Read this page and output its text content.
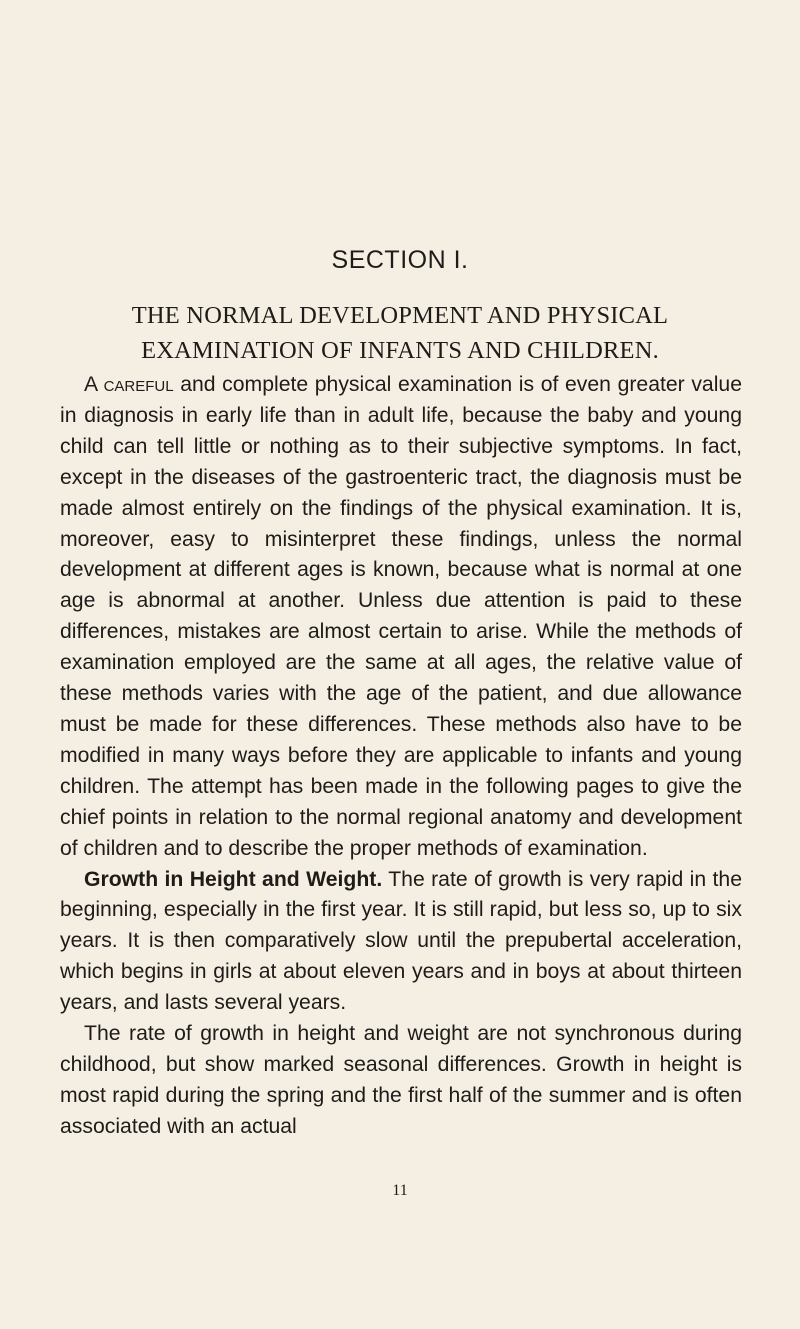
SECTION I.
THE NORMAL DEVELOPMENT AND PHYSICAL
EXAMINATION OF INFANTS AND CHILDREN.

A careful and complete physical examination is of even greater value in diagnosis in early life than in adult life, because the baby and young child can tell little or nothing as to their subjective symptoms. In fact, except in the diseases of the gastroenteric tract, the diagnosis must be made almost entirely on the findings of the physical examination. It is, moreover, easy to misinterpret these findings, unless the normal development at different ages is known, because what is normal at one age is abnormal at another. Unless due attention is paid to these differences, mistakes are almost certain to arise. While the methods of examination employed are the same at all ages, the relative value of these methods varies with the age of the patient, and due allowance must be made for these differences. These methods also have to be modified in many ways before they are applicable to infants and young children. The attempt has been made in the following pages to give the chief points in relation to the normal regional anatomy and development of children and to describe the proper methods of examination.

Growth in Height and Weight. The rate of growth is very rapid in the beginning, especially in the first year. It is still rapid, but less so, up to six years. It is then comparatively slow until the prepubertal acceleration, which begins in girls at about eleven years and in boys at about thirteen years, and lasts several years.

The rate of growth in height and weight are not synchronous during childhood, but show marked seasonal differences. Growth in height is most rapid during the spring and the first half of the summer and is often associated with an actual

11
